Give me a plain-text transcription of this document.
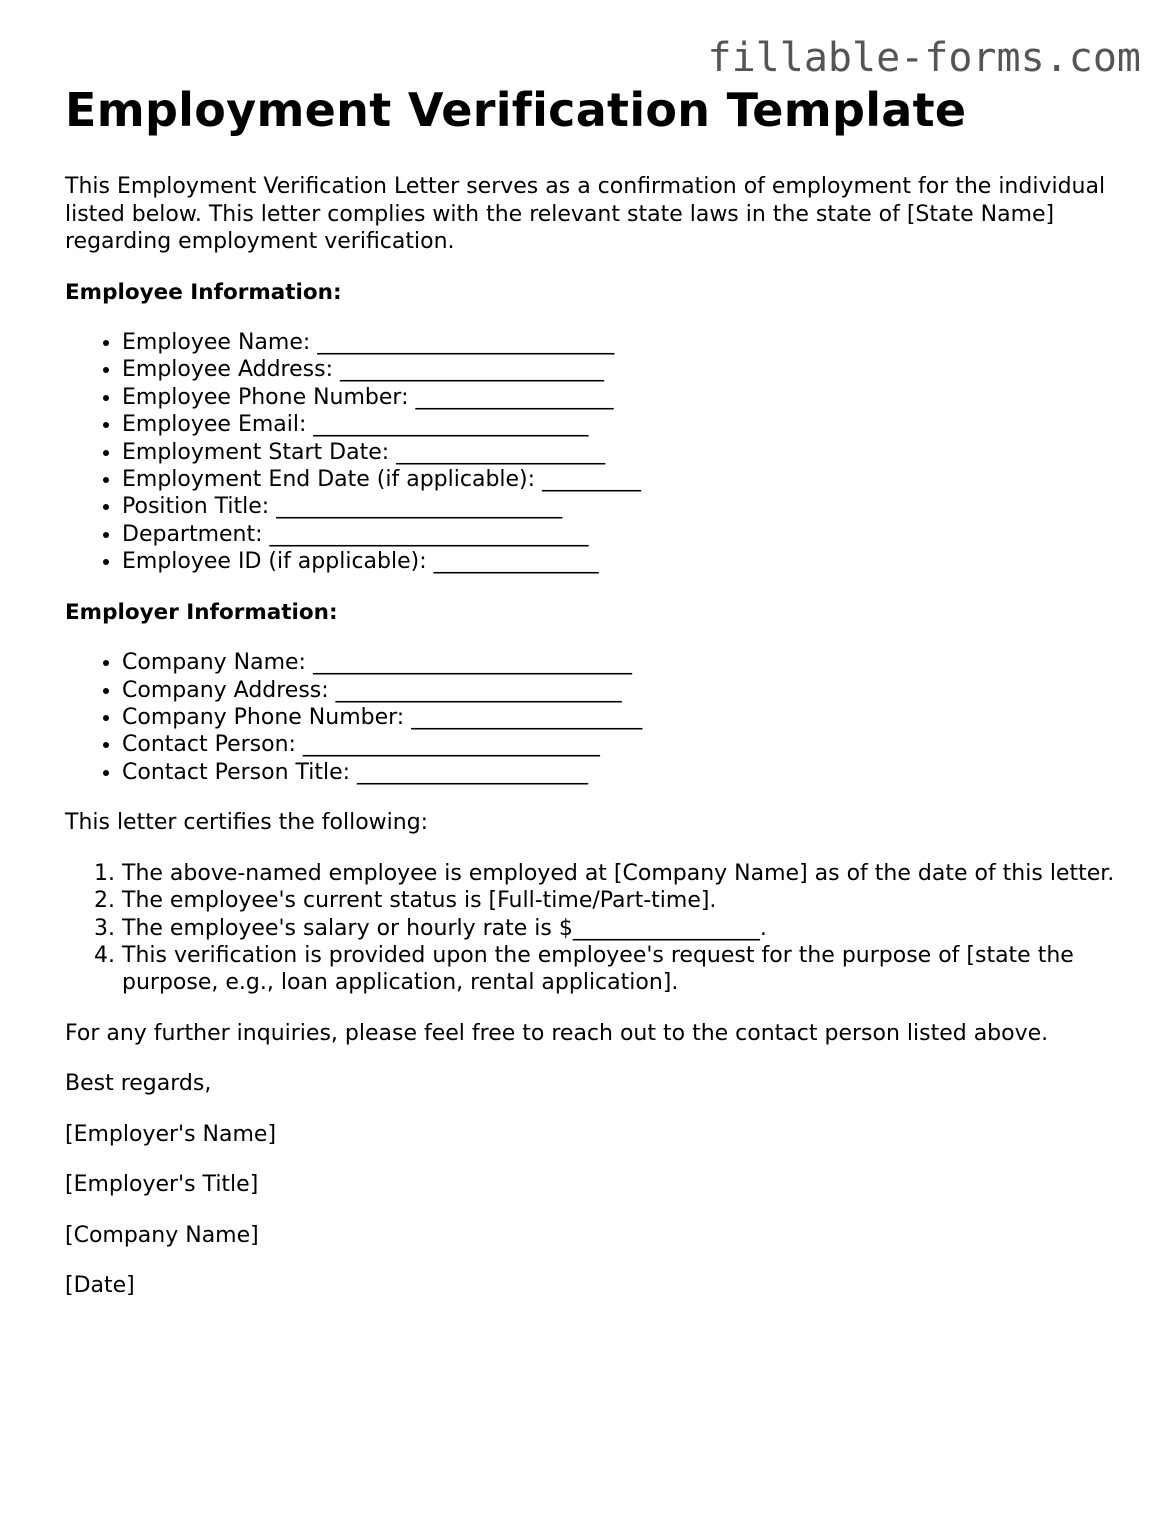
fillable-forms.com
Employment Verification Template

This Employment Verification Letter serves as a confirmation of employment for the individual listed below. This letter complies with the relevant state laws in the state of [State Name] regarding employment verification.

Employee Information:

• Employee Name: ___________________________
• Employee Address: ________________________
• Employee Phone Number: __________________
• Employee Email: _________________________
• Employment Start Date: ___________________
• Employment End Date (if applicable): _________
• Position Title: __________________________
• Department: _____________________________
• Employee ID (if applicable): _______________

Employer Information:

• Company Name: _____________________________
• Company Address: __________________________
• Company Phone Number: _____________________
• Contact Person: ___________________________
• Contact Person Title: _____________________

This letter certifies the following:

1. The above-named employee is employed at [Company Name] as of the date of this letter.
2. The employee's current status is [Full-time/Part-time].
3. The employee's salary or hourly rate is $_________________.
4. This verification is provided upon the employee's request for the purpose of [state the purpose, e.g., loan application, rental application].

For any further inquiries, please feel free to reach out to the contact person listed above.

Best regards,

[Employer's Name]

[Employer's Title]

[Company Name]

[Date]
